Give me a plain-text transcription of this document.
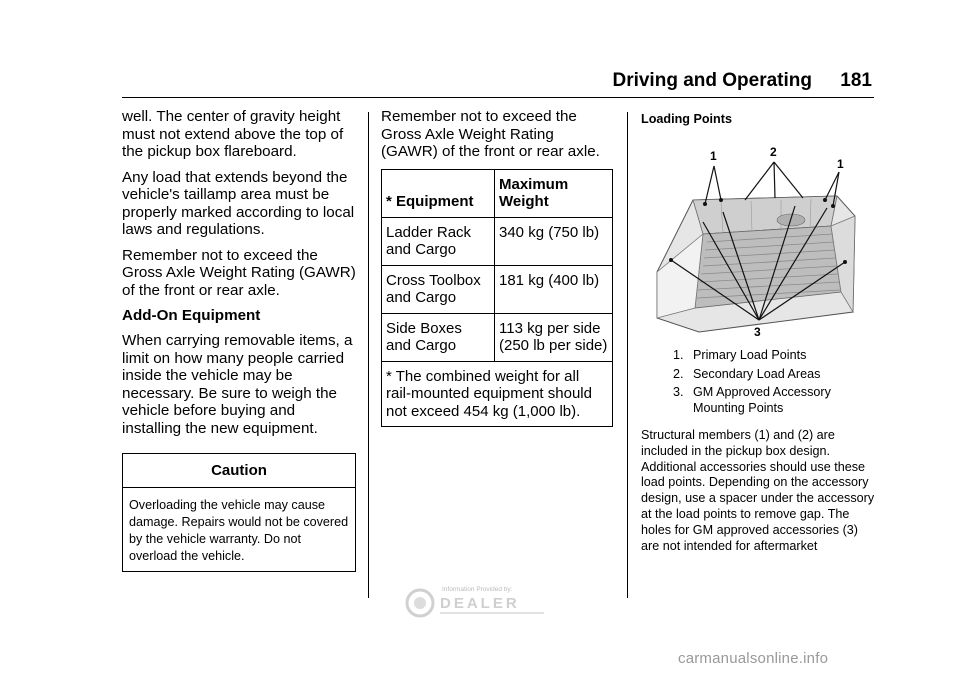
Driving and Operating 181

well. The center of gravity height must not extend above the top of the pickup box flareboard.

Any load that extends beyond the vehicle's taillamp area must be properly marked according to local laws and regulations.

Remember not to exceed the Gross Axle Weight Rating (GAWR) of the front or rear axle.

Add-On Equipment

When carrying removable items, a limit on how many people carried inside the vehicle may be necessary. Be sure to weigh the vehicle before buying and installing the new equipment.

Caution
Overloading the vehicle may cause damage. Repairs would not be covered by the vehicle warranty. Do not overload the vehicle.

Remember not to exceed the Gross Axle Weight Rating (GAWR) of the front or rear axle.

* Equipment	Maximum Weight
Ladder Rack and Cargo	340 kg (750 lb)
Cross Toolbox and Cargo	181 kg (400 lb)
Side Boxes and Cargo	113 kg per side (250 lb per side)
* The combined weight for all rail-mounted equipment should not exceed 454 kg (1,000 lb).	
Loading Points
1	2
1
3
1. Primary Load Points
2. Secondary Load Areas
3. GM Approved Accessory Mounting Points

Structural members (1) and (2) are included in the pickup box design. Additional accessories should use these load points. Depending on the accessory design, use a spacer under the accessory at the load points to remove gap. The holes for GM approved accessories (3) are not intended for aftermarket

Information Provided by:
DEALER
carmanualsonline.info
